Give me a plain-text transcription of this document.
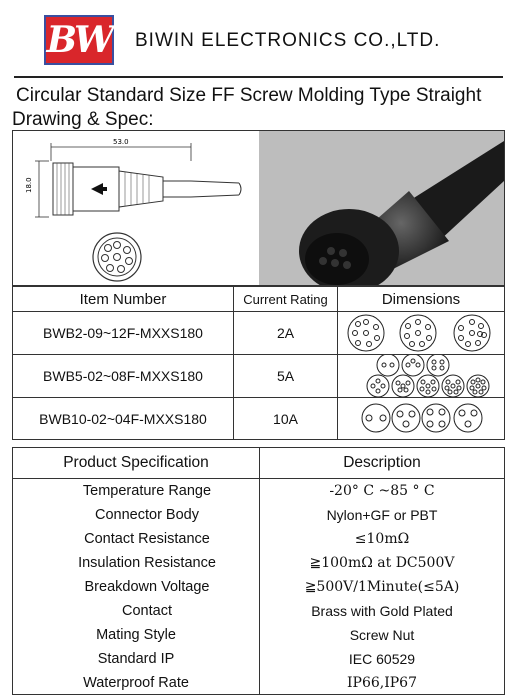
BW BIWIN ELECTRONICS CO.,LTD.
Circular Standard Size FF Screw Molding Type Straight
Drawing & Spec:
53.0
18.0
Item Number	Current Rating	Dimensions
BWB2-09~12F-MXXS180	2A
BWB5-02~08F-MXXS180	5A
BWB10-02~04F-MXXS180	10A
Product Specification	Description
Temperature Range	-20° C ~85 ° C
Connector Body	Nylon+GF or PBT
Contact Resistance	≤10mΩ
Insulation Resistance	≧100mΩ at DC500V
Breakdown Voltage	≧500V/1Minute(≤5A)
Contact	Brass with Gold Plated
Mating Style	Screw Nut
Standard IP	IEC 60529
Waterproof Rate	IP66,IP67
